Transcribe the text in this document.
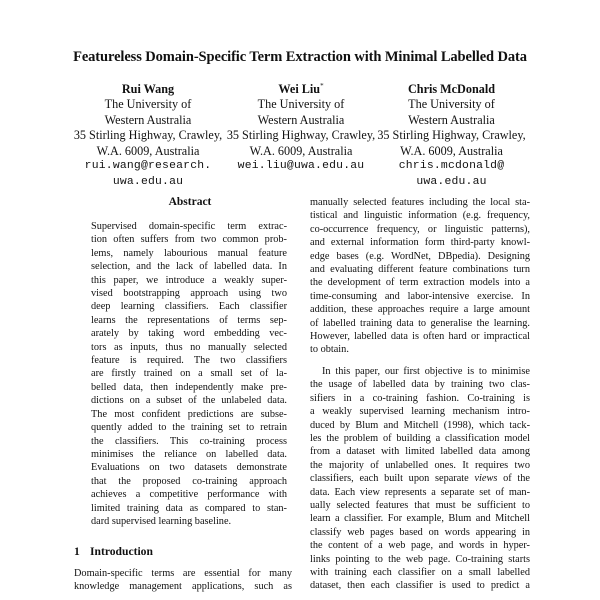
Featureless Domain-Specific Term Extraction with Minimal Labelled Data
Rui Wang
The University of
Western Australia
35 Stirling Highway, Crawley,
W.A. 6009, Australia
rui.wang@research.
uwa.edu.au
Wei Liu*
The University of
Western Australia
35 Stirling Highway, Crawley,
W.A. 6009, Australia
wei.liu@uwa.edu.au
Chris McDonald
The University of
Western Australia
35 Stirling Highway, Crawley,
W.A. 6009, Australia
chris.mcdonald@
uwa.edu.au
Abstract
Supervised domain-specific term extrac-
tion often suffers from two common prob-
lems, namely labourious manual feature
selection, and the lack of labelled data. In
this paper, we introduce a weakly super-
vised bootstrapping approach using two
deep learning classifiers. Each classifier
learns the representations of terms sep-
arately by taking word embedding vec-
tors as inputs, thus no manually selected
feature is required. The two classifiers
are firstly trained on a small set of la-
belled data, then independently make pre-
dictions on a subset of the unlabeled data.
The most confident predictions are subse-
quently added to the training set to retrain
the classifiers. This co-training process
minimises the reliance on labelled data.
Evaluations on two datasets demonstrate
that the proposed co-training approach
achieves a competitive performance with
limited training data as compared to stan-
dard supervised learning baseline.
1 Introduction
Domain-specific terms are essential for many
knowledge management applications, such as
manually selected features including the local sta-
tistical and linguistic information (e.g. frequency,
co-occurrence frequency, or linguistic patterns),
and external information form third-party knowl-
edge bases (e.g. WordNet, DBpedia). Designing
and evaluating different feature combinations turn
the development of term extraction models into a
time-consuming and labor-intensive exercise. In
addition, these approaches require a large amount
of labelled training data to generalise the learning.
However, labelled data is often hard or impractical
to obtain.
In this paper, our first objective is to minimise
the usage of labelled data by training two clas-
sifiers in a co-training fashion. Co-training is
a weakly supervised learning mechanism intro-
duced by Blum and Mitchell (1998), which tack-
les the problem of building a classification model
from a dataset with limited labelled data among
the majority of unlabelled ones. It requires two
classifiers, each built upon separate views of the
data. Each view represents a separate set of man-
ually selected features that must be sufficient to
learn a classifier. For example, Blum and Mitchell
classify web pages based on words appearing in
the content of a web page, and words in hyper-
links pointing to the web page. Co-training starts
with training each classifier on a small labelled
dataset, then each classifier is used to predict a
